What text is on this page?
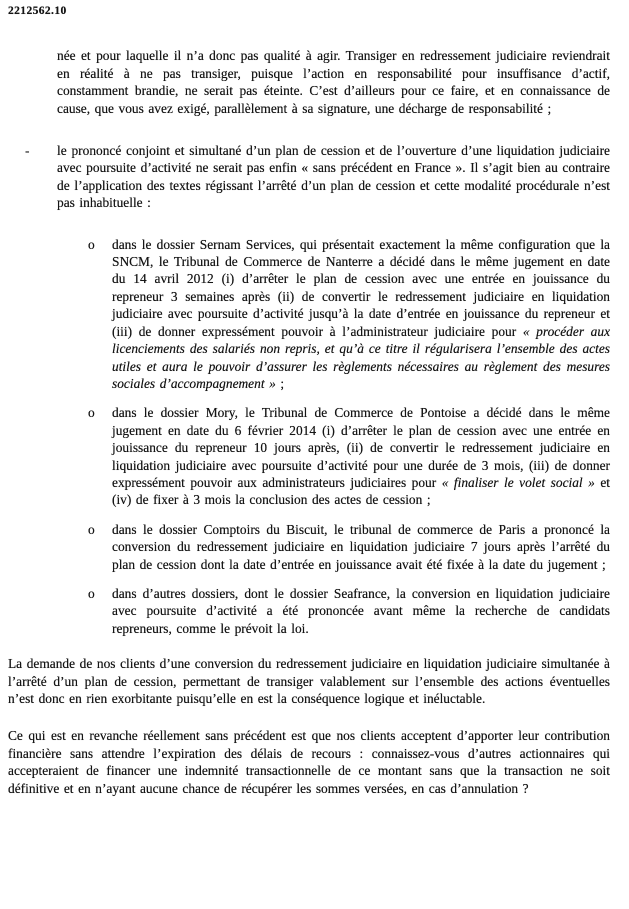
2212562.10

née et pour laquelle il n’a donc pas qualité à agir. Transiger en redressement judiciaire reviendrait en réalité à ne pas transiger, puisque l’action en responsabilité pour insuffisance d’actif, constamment brandie, ne serait pas éteinte. C’est d’ailleurs pour ce faire, et en connaissance de cause, que vous avez exigé, parallèlement à sa signature, une décharge de responsabilité ;

-	le prononcé conjoint et simultané d’un plan de cession et de l’ouverture d’une liquidation judiciaire avec poursuite d’activité ne serait pas enfin « sans précédent en France ». Il s’agit bien au contraire de l’application des textes régissant l’arrêté d’un plan de cession et cette modalité procédurale n’est pas inhabituelle :

o	dans le dossier Sernam Services, qui présentait exactement la même configuration que la SNCM, le Tribunal de Commerce de Nanterre a décidé dans le même jugement en date du 14 avril 2012 (i) d’arrêter le plan de cession avec une entrée en jouissance du repreneur 3 semaines après (ii) de convertir le redressement judiciaire en liquidation judiciaire avec poursuite d’activité jusqu’à la date d’entrée en jouissance du repreneur et (iii) de donner expressément pouvoir à l’administrateur judiciaire pour « procéder aux licenciements des salariés non repris, et qu’à ce titre il régularisera l’ensemble des actes utiles et aura le pouvoir d’assurer les règlements nécessaires au règlement des mesures sociales d’accompagnement » ;

o	dans le dossier Mory, le Tribunal de Commerce de Pontoise a décidé dans le même jugement en date du 6 février 2014 (i) d’arrêter le plan de cession avec une entrée en jouissance du repreneur 10 jours après, (ii) de convertir le redressement judiciaire en liquidation judiciaire avec poursuite d’activité pour une durée de 3 mois, (iii) de donner expressément pouvoir aux administrateurs judiciaires pour « finaliser le volet social » et (iv) de fixer à 3 mois la conclusion des actes de cession ;

o	dans le dossier Comptoirs du Biscuit, le tribunal de commerce de Paris a prononcé la conversion du redressement judiciaire en liquidation judiciaire 7 jours après l’arrêté du plan de cession dont la date d’entrée en jouissance avait été fixée à la date du jugement ;

o	dans d’autres dossiers, dont le dossier Seafrance, la conversion en liquidation judiciaire avec poursuite d’activité a été prononcée avant même la recherche de candidats repreneurs, comme le prévoit la loi.

La demande de nos clients d’une conversion du redressement judiciaire en liquidation judiciaire simultanée à l’arrêté d’un plan de cession, permettant de transiger valablement sur l’ensemble des actions éventuelles n’est donc en rien exorbitante puisqu’elle en est la conséquence logique et inéluctable.

Ce qui est en revanche réellement sans précédent est que nos clients acceptent d’apporter leur contribution financière sans attendre l’expiration des délais de recours : connaissez-vous d’autres actionnaires qui accepteraient de financer une indemnité transactionnelle de ce montant sans que la transaction ne soit définitive et en n’ayant aucune chance de récupérer les sommes versées, en cas d’annulation ?
